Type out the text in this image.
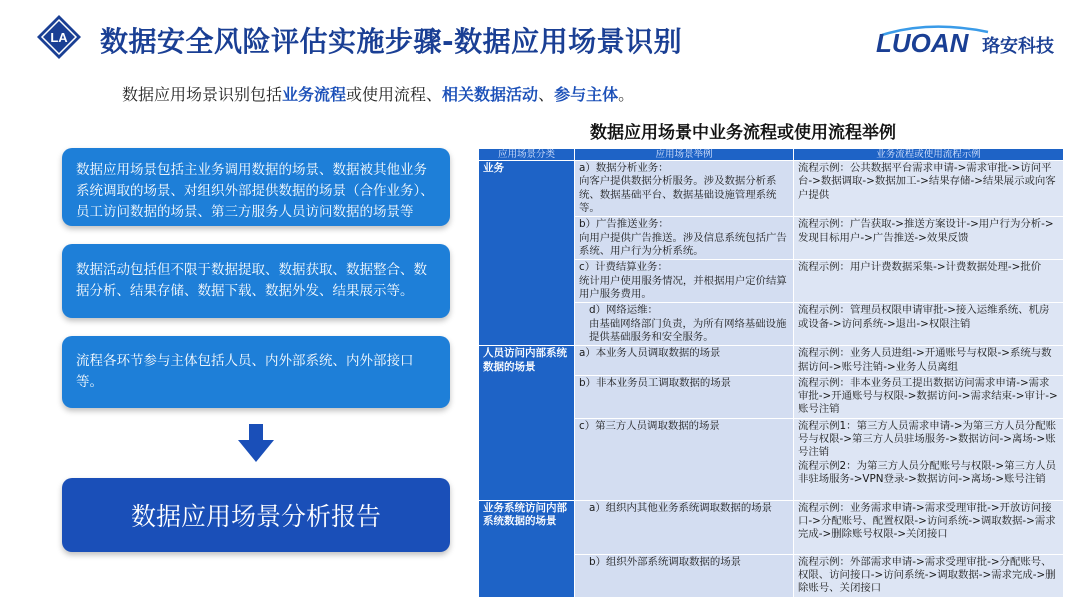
LA 数据安全风险评估实施步骤-数据应用场景识别	LUOAN 珞安科技
数据应用场景识别包括业务流程或使用流程、相关数据活动、参与主体。
数据应用场景包括主业务调用数据的场景、数据被其他业务系统调取的场景、对组织外部提供数据的场景（合作业务）、员工访问数据的场景、第三方服务人员访问数据的场景等
数据活动包括但不限于数据提取、数据获取、数据整合、数据分析、结果存储、数据下载、数据外发、结果展示等。
流程各环节参与主体包括人员、内外部系统、内外部接口等。
数据应用场景分析报告
数据应用场景中业务流程或使用流程举例
应用场景分类	应用场景举例	业务流程或使用流程示例
业务	a）数据分析业务：
向客户提供数据分析服务。涉及数据分析系统、数据基础平台、数据基础设施管理系统等。	流程示例：公共数据平台需求申请->需求审批->访问平台->数据调取->数据加工->结果存储->结果展示或向客户提供
	b）广告推送业务：
向用户提供广告推送。涉及信息系统包括广告系统、用户行为分析系统。	流程示例：广告获取->推送方案设计->用户行为分析->发现目标用户->广告推送->效果反馈
	c）计费结算业务：
统计用户使用服务情况，并根据用户定价结算用户服务费用。	流程示例：用户计费数据采集->计费数据处理->批价
	d）网络运维：
由基础网络部门负责，为所有网络基础设施提供基础服务和安全服务。	流程示例：管理员权限申请审批->接入运维系统、机房或设备->访问系统->退出->权限注销
人员访问内部系统数据的场景	a）本业务人员调取数据的场景	流程示例：业务人员进组->开通账号与权限->系统与数据访问->账号注销->业务人员离组
	b）非本业务员工调取数据的场景	流程示例：非本业务员工提出数据访问需求申请->需求审批->开通账号与权限->数据访问->需求结束->审计->账号注销
	c）第三方人员调取数据的场景	流程示例1：第三方人员需求申请->为第三方人员分配账号与权限->第三方人员驻场服务->数据访问->离场->账号注销
流程示例2：为第三方人员分配账号与权限->第三方人员非驻场服务->VPN登录->数据访问->离场->账号注销
业务系统访问内部系统数据的场景	a）组织内其他业务系统调取数据的场景	流程示例：业务需求申请->需求受理审批->开放访问接口->分配账号、配置权限->访问系统->调取数据->需求完成->删除账号权限->关闭接口
	b）组织外部系统调取数据的场景	流程示例：外部需求申请->需求受理审批->分配账号、权限、访问接口->访问系统->调取数据->需求完成->删除账号、关闭接口
